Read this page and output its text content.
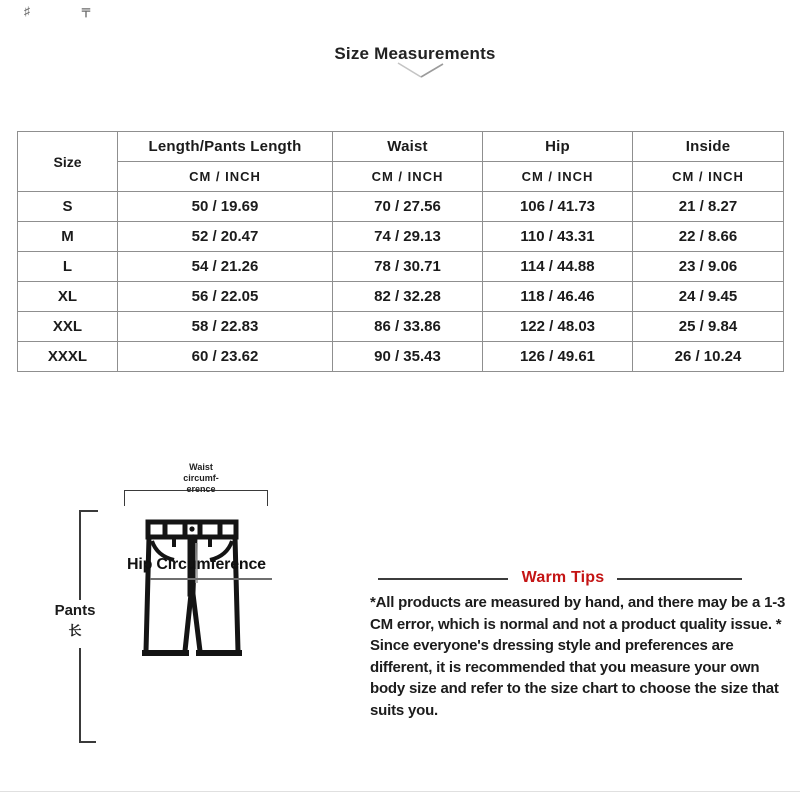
♯	〒
Size Measurements
Size	Length/Pants Length	Waist	Hip	Inside
	CM / INCH	CM / INCH	CM / INCH	CM / INCH
S	50 / 19.69	70 / 27.56	106 / 41.73	21 / 8.27
M	52 / 20.47	74 / 29.13	110 / 43.31	22 / 8.66
L	54 / 21.26	78 / 30.71	114 / 44.88	23 / 9.06
XL	56 / 22.05	82 / 32.28	118 / 46.46	24 / 9.45
XXL	58 / 22.83	86 / 33.86	122 / 48.03	25 / 9.84
XXXL	60 / 23.62	90 / 35.43	126 / 49.61	26 / 10.24
Pants
长
Waist
circumf-
erence
Hip Circumference
Warm Tips

*All products are measured by hand, and there may be a 1-3 CM error, which is normal and not a product quality issue. * Since everyone's dressing style and preferences are different, it is recommended that you measure your own body size and refer to the size chart to choose the size that suits you.
